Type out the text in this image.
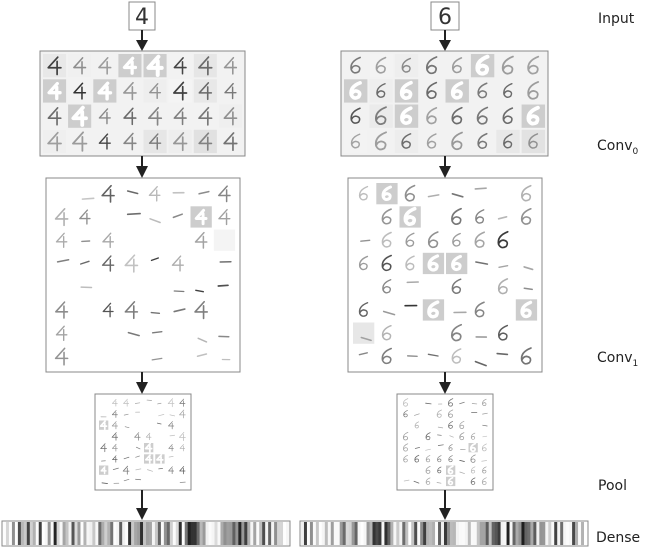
4	6	Input
Conv$_0$
Conv$_1$
Pool
Dense
